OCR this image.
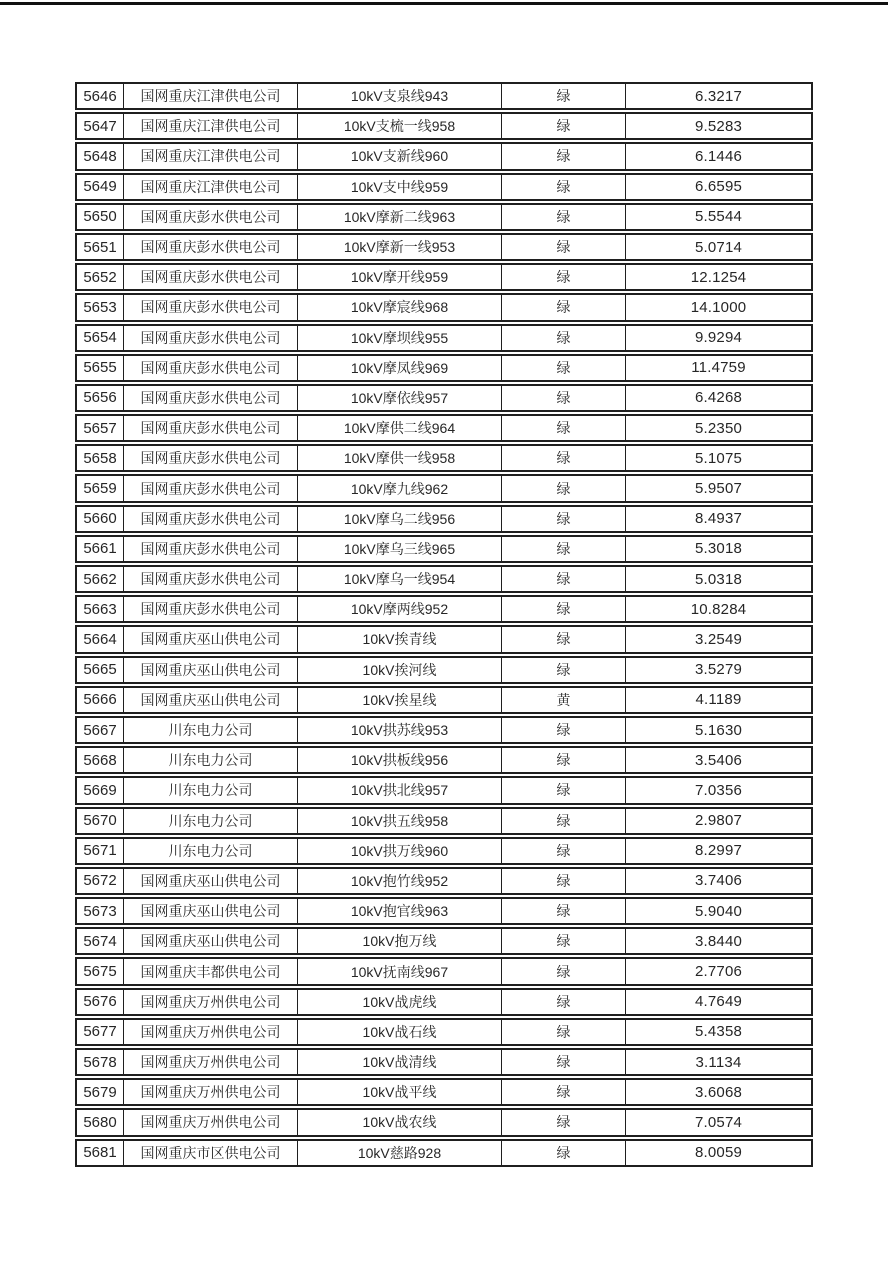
5646	国网重庆江津供电公司	10kV支泉线943	绿	6.3217
5647	国网重庆江津供电公司	10kV支梳一线958	绿	9.5283
5648	国网重庆江津供电公司	10kV支新线960	绿	6.1446
5649	国网重庆江津供电公司	10kV支中线959	绿	6.6595
5650	国网重庆彭水供电公司	10kV摩新二线963	绿	5.5544
5651	国网重庆彭水供电公司	10kV摩新一线953	绿	5.0714
5652	国网重庆彭水供电公司	10kV摩开线959	绿	12.1254
5653	国网重庆彭水供电公司	10kV摩宸线968	绿	14.1000
5654	国网重庆彭水供电公司	10kV摩坝线955	绿	9.9294
5655	国网重庆彭水供电公司	10kV摩凤线969	绿	11.4759
5656	国网重庆彭水供电公司	10kV摩依线957	绿	6.4268
5657	国网重庆彭水供电公司	10kV摩供二线964	绿	5.2350
5658	国网重庆彭水供电公司	10kV摩供一线958	绿	5.1075
5659	国网重庆彭水供电公司	10kV摩九线962	绿	5.9507
5660	国网重庆彭水供电公司	10kV摩乌二线956	绿	8.4937
5661	国网重庆彭水供电公司	10kV摩乌三线965	绿	5.3018
5662	国网重庆彭水供电公司	10kV摩乌一线954	绿	5.0318
5663	国网重庆彭水供电公司	10kV摩两线952	绿	10.8284
5664	国网重庆巫山供电公司	10kV挨青线	绿	3.2549
5665	国网重庆巫山供电公司	10kV挨河线	绿	3.5279
5666	国网重庆巫山供电公司	10kV挨星线	黄	4.1189
5667	川东电力公司	10kV拱苏线953	绿	5.1630
5668	川东电力公司	10kV拱板线956	绿	3.5406
5669	川东电力公司	10kV拱北线957	绿	7.0356
5670	川东电力公司	10kV拱五线958	绿	2.9807
5671	川东电力公司	10kV拱万线960	绿	8.2997
5672	国网重庆巫山供电公司	10kV抱竹线952	绿	3.7406
5673	国网重庆巫山供电公司	10kV抱官线963	绿	5.9040
5674	国网重庆巫山供电公司	10kV抱万线	绿	3.8440
5675	国网重庆丰都供电公司	10kV抚南线967	绿	2.7706
5676	国网重庆万州供电公司	10kV战虎线	绿	4.7649
5677	国网重庆万州供电公司	10kV战石线	绿	5.4358
5678	国网重庆万州供电公司	10kV战清线	绿	3.1134
5679	国网重庆万州供电公司	10kV战平线	绿	3.6068
5680	国网重庆万州供电公司	10kV战农线	绿	7.0574
5681	国网重庆市区供电公司	10kV慈路928	绿	8.0059
